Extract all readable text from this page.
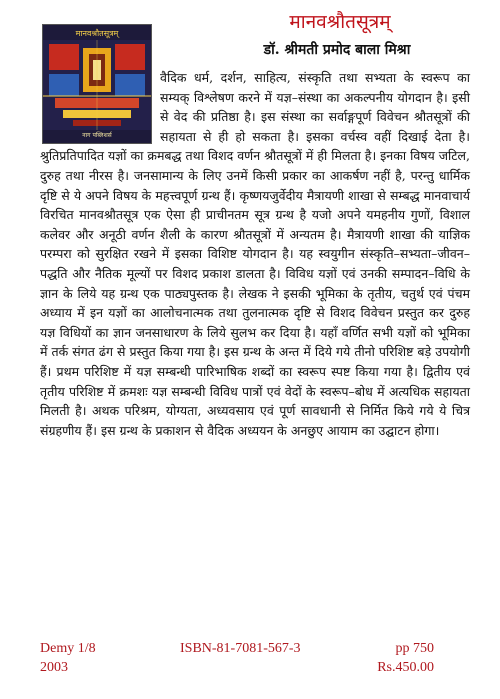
मानवश्रौतसूत्रम्
डॉ. श्रीमती प्रमोद बाला मिश्रा
मानवश्रौतसूत्रम्
नाग पब्लिशर्स

वैदिक धर्म, दर्शन, साहित्य, संस्कृति तथा सभ्यता के स्वरूप का सम्यक् विश्लेषण करने में यज्ञ–संस्था का अकल्पनीय योगदान है। इसी से वेद की प्रतिष्ठा है। इस संस्था का सर्वाङ्गपूर्ण विवेचन श्रौतसूत्रों की सहायता से ही हो सकता है। इसका वर्चस्व वहीं दिखाई देता है। श्रुतिप्रतिपादित यज्ञों का क्रमबद्ध तथा विशद वर्णन श्रौतसूत्रों में ही मिलता है। इनका विषय जटिल, दुरुह तथा नीरस है। जनसामान्य के लिए उनमें किसी प्रकार का आकर्षण नहीं है, परन्तु धार्मिक दृष्टि से ये अपने विषय के महत्त्वपूर्ण ग्रन्थ हैं। कृष्णयजुर्वेदीय मैत्रायणी शाखा से सम्बद्ध मानवाचार्य विरचित मानवश्रौतसूत्र एक ऐसा ही प्राचीनतम सूत्र ग्रन्थ है यजो अपने यमहनीय गुणों, विशाल कलेवर और अनूठी वर्णन शैली के कारण श्रौतसूत्रों में अन्यतम है। मैत्रायणी शाखा की याज्ञिक परम्परा को सुरक्षित रखने में इसका विशिष्ट योगदान है। यह स्वयुगीन संस्कृति–सभ्यता–जीवन–पद्धति और नैतिक मूल्यों पर विशद प्रकाश डालता है। विविध यज्ञों एवं उनकी सम्पादन–विधि के ज्ञान के लिये यह ग्रन्थ एक पाठ्यपुस्तक है। लेखक ने इसकी भूमिका के तृतीय, चतुर्थ एवं पंचम अध्याय में इन यज्ञों का आलोचनात्मक तथा तुलनात्मक दृष्टि से विशद विवेचन प्रस्तुत कर दुरुह यज्ञ विधियों का ज्ञान जनसाधारण के लिये सुलभ कर दिया है। यहाँ वर्णित सभी यज्ञों को भूमिका में तर्क संगत ढंग से प्रस्तुत किया गया है। इस ग्रन्थ के अन्त में दिये गये तीनो परिशिष्ट बड़े उपयोगी हैं। प्रथम परिशिष्ट में यज्ञ सम्बन्धी पारिभाषिक शब्दों का स्वरूप स्पष्ट किया गया है। द्वितीय एवं तृतीय परिशिष्ट में क्रमशः यज्ञ सम्बन्धी विविध पात्रों एवं वेदों के स्वरूप–बोध में अत्यधिक सहायता मिलती है। अथक परिश्रम, योग्यता, अध्यवसाय एवं पूर्ण सावधानी से निर्मित किये गये ये चित्र संग्रहणीय हैं। इस ग्रन्थ के प्रकाशन से वैदिक अध्ययन के अनछुए आयाम का उद्घाटन होगा।

Demy 1/8	ISBN-81-7081-567-3	pp 750
2003	Rs.450.00
